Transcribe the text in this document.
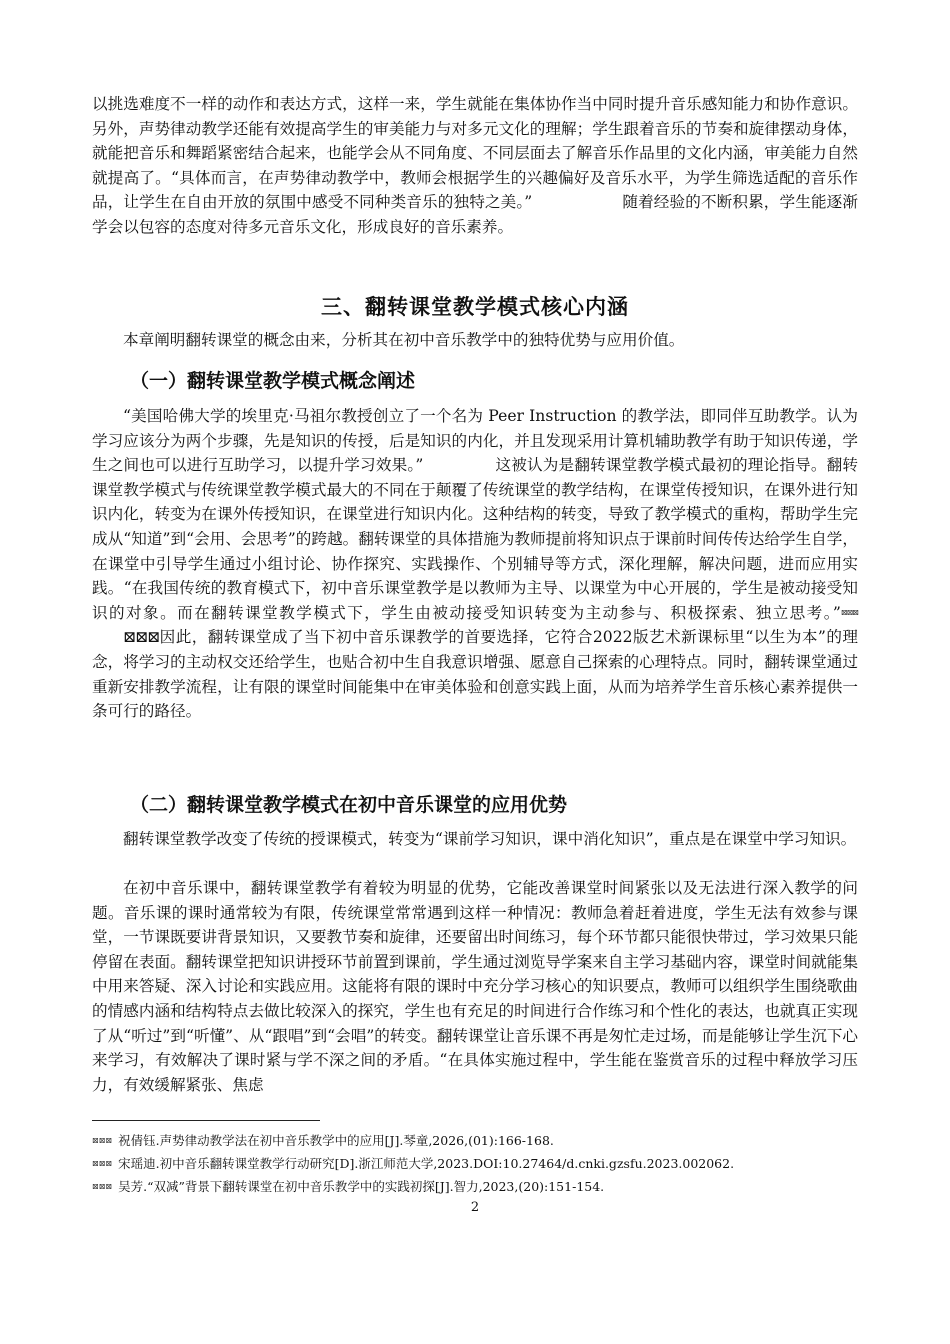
以挑选难度不一样的动作和表达方式，这样一来，学生就能在集体协作当中同时提升音乐感知能力和协作意识。另外，声势律动教学还能有效提高学生的审美能力与对多元文化的理解；学生跟着音乐的节奏和旋律摆动身体，就能把音乐和舞蹈紧密结合起来，也能学会从不同角度、不同层面去了解音乐作品里的文化内涵，审美能力自然就提高了。“具体而言，在声势律动教学中，教师会根据学生的兴趣偏好及音乐水平，为学生筛选适配的音乐作品，让学生在自由开放的氛围中感受不同种类音乐的独特之美。”	随着经验的不断积累，学生能逐渐学会以包容的态度对待多元音乐文化，形成良好的音乐素养。

三、翻转课堂教学模式核心内涵

本章阐明翻转课堂的概念由来，分析其在初中音乐教学中的独特优势与应用价值。

（一）翻转课堂教学模式概念阐述

“美国哈佛大学的埃里克·马祖尔教授创立了一个名为 Peer Instruction 的教学法，即同伴互助教学。认为学习应该分为两个步骤，先是知识的传授，后是知识的内化，并且发现采用计算机辅助教学有助于知识传递，学生之间也可以进行互助学习，以提升学习效果。”	这被认为是翻转课堂教学模式最初的理论指导。翻转课堂教学模式与传统课堂教学模式最大的不同在于颠覆了传统课堂的教学结构，在课堂传授知识，在课外进行知识内化，转变为在课外传授知识，在课堂进行知识内化。这种结构的转变，导致了教学模式的重构，帮助学生完成从“知道”到“会用、会思考”的跨越。翻转课堂的具体措施为教师提前将知识点于课前时间传传达给学生自学，在课堂中引导学生通过小组讨论、协作探究、实践操作、个别辅导等方式，深化理解，解决问题，进而应用实践。“在我国传统的教育模式下，初中音乐课堂教学是以教师为主导、以课堂为中心开展的，学生是被动接受知识的对象。而在翻转课堂教学模式下，学生由被动接受知识转变为主动参与、积极探索、独立思考。”⊠⊠⊠⊠⊠⊠因此，翻转课堂成了当下初中音乐课教学的首要选择，它符合2022版艺术新课标里“以生为本”的理念，将学习的主动权交还给学生，也贴合初中生自我意识增强、愿意自己探索的心理特点。同时，翻转课堂通过重新安排教学流程，让有限的课堂时间能集中在审美体验和创意实践上面，从而为培养学生音乐核心素养提供一条可行的路径。

（二）翻转课堂教学模式在初中音乐课堂的应用优势

翻转课堂教学改变了传统的授课模式，转变为“课前学习知识，课中消化知识”，重点是在课堂中学习知识。

在初中音乐课中，翻转课堂教学有着较为明显的优势，它能改善课堂时间紧张以及无法进行深入教学的问题。音乐课的课时通常较为有限，传统课堂常常遇到这样一种情况：教师急着赶着进度，学生无法有效参与课堂，一节课既要讲背景知识，又要教节奏和旋律，还要留出时间练习，每个环节都只能很快带过，学习效果只能停留在表面。翻转课堂把知识讲授环节前置到课前，学生通过浏览导学案来自主学习基础内容，课堂时间就能集中用来答疑、深入讨论和实践应用。这能将有限的课时中充分学习核心的知识要点，教师可以组织学生围绕歌曲的情感内涵和结构特点去做比较深入的探究，学生也有充足的时间进行合作练习和个性化的表达，也就真正实现了从“听过”到“听懂”、从“跟唱”到“会唱”的转变。翻转课堂让音乐课不再是匆忙走过场，而是能够让学生沉下心来学习，有效解决了课时紧与学不深之间的矛盾。“在具体实施过程中，学生能在鉴赏音乐的过程中释放学习压力，有效缓解紧张、焦虑

⊠⊠⊠ 祝倩钰.声势律动教学法在初中音乐教学中的应用[J].琴童,2026,(01):166-168.

⊠⊠⊠ 宋瑶迪.初中音乐翻转课堂教学行动研究[D].浙江师范大学,2023.DOI:10.27464/d.cnki.gzsfu.2023.002062.

⊠⊠⊠ 吴芳.“双减”背景下翻转课堂在初中音乐教学中的实践初探[J].智力,2023,(20):151-154.

2
